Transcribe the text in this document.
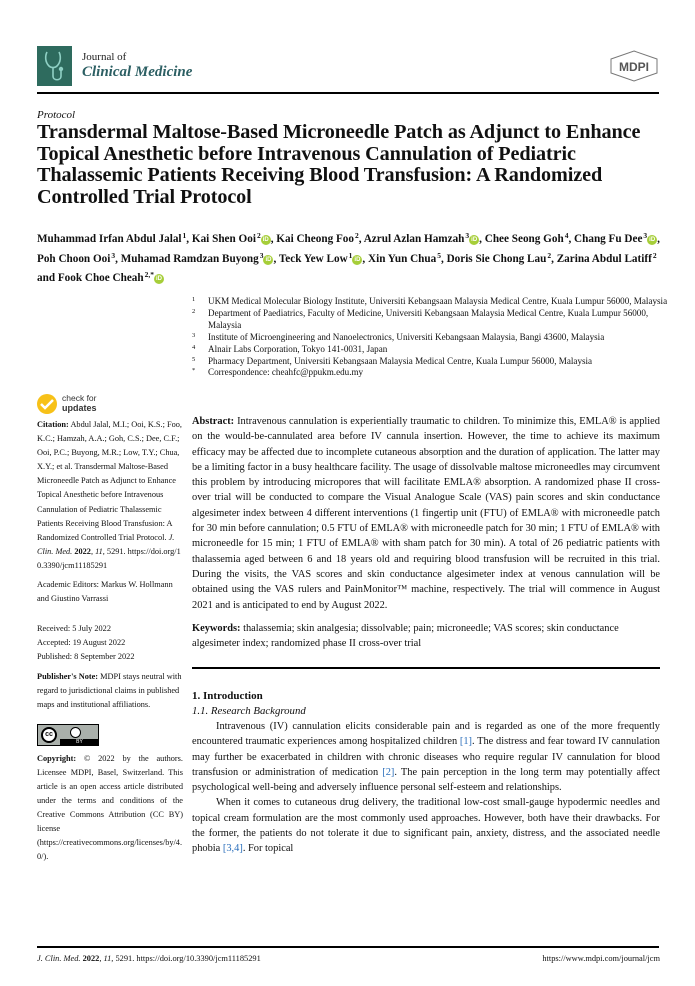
Journal of
Clinical Medicine	MDPI
Protocol
Transdermal Maltose-Based Microneedle Patch as Adjunct to Enhance Topical Anesthetic before Intravenous Cannulation of Pediatric Thalassemic Patients Receiving Blood Transfusion: A Randomized Controlled Trial Protocol
Muhammad Irfan Abdul Jalal$^1$, Kai Shen Ooi$^2$ iD , Kai Cheong Foo$^2$, Azrul Azlan Hamzah$^3$ iD , Chee Seong Goh$^4$, Chang Fu Dee$^3$ iD , Poh Choon Ooi$^3$, Muhamad Ramdzan Buyong$^3$ iD , Teck Yew Low$^1$ iD , Xin Yun Chua$^5$, Doris Sie Chong Lau$^2$, Zarina Abdul Latiff$^2$ and Fook Choe Cheah$^{2,*}$ iD
1 UKM Medical Molecular Biology Institute, Universiti Kebangsaan Malaysia Medical Centre, Kuala Lumpur 56000, Malaysia
2 Department of Paediatrics, Faculty of Medicine, Universiti Kebangsaan Malaysia Medical Centre, Kuala Lumpur 56000, Malaysia
3 Institute of Microengineering and Nanoelectronics, Universiti Kebangsaan Malaysia, Bangi 43600, Malaysia
4 Alnair Labs Corporation, Tokyo 141-0031, Japan
5 Pharmacy Department, Universiti Kebangsaan Malaysia Medical Centre, Kuala Lumpur 56000, Malaysia
* Correspondence: cheahfc@ppukm.edu.my
check for
updates
Citation: Abdul Jalal, M.I.; Ooi, K.S.; Foo, K.C.; Hamzah, A.A.; Goh, C.S.; Dee, C.F.; Ooi, P.C.; Buyong, M.R.; Low, T.Y.; Chua, X.Y.; et al. Transdermal Maltose-Based Microneedle Patch as Adjunct to Enhance Topical Anesthetic before Intravenous Cannulation of Pediatric Thalassemic Patients Receiving Blood Transfusion: A Randomized Controlled Trial Protocol. J. Clin. Med. 2022, 11, 5291. https://doi.org/10.3390/jcm11185291
Academic Editors: Markus W. Hollmann and Giustino Varrassi
Received: 5 July 2022
Accepted: 19 August 2022
Published: 8 September 2022
Publisher's Note: MDPI stays neutral with regard to jurisdictional claims in published maps and institutional affiliations.
cc
BY
Copyright: © 2022 by the authors. Licensee MDPI, Basel, Switzerland. This article is an open access article distributed under the terms and conditions of the Creative Commons Attribution (CC BY) license (https://creativecommons.org/licenses/by/4.0/).
Abstract: Intravenous cannulation is experientially traumatic to children. To minimize this, EMLA® is applied on the would-be-cannulated area before IV cannula insertion. However, the time to achieve its maximum efficacy may be affected due to incomplete cutaneous absorption and the duration of application. The latter may be a limiting factor in a busy healthcare facility. The usage of dissolvable maltose microneedles may circumvent this problem by introducing micropores that will facilitate EMLA® absorption. A randomized phase II cross-over trial will be conducted to compare the Visual Analogue Scale (VAS) pain scores and skin conductance algesimeter index between 4 different interventions (1 fingertip unit (FTU) of EMLA® with microneedle patch for 30 min before cannulation; 0.5 FTU of EMLA® with microneedle patch for 30 min; 1 FTU of EMLA® with microneedle for 15 min; 1 FTU of EMLA® with sham patch for 30 min). A total of 26 pediatric patients with thalassemia aged between 6 and 18 years old and requiring blood transfusion will be recruited in this trial. During the visits, the VAS scores and skin conductance algesimeter index at venous cannulation will be obtained using the VAS rulers and PainMonitor™ machine, respectively. The trial will commence in August 2021 and is anticipated to end by August 2022.
Keywords: thalassemia; skin analgesia; dissolvable; pain; microneedle; VAS scores; skin conductance algesimeter index; randomized phase II cross-over trial
1. Introduction
1.1. Research Background
Intravenous (IV) cannulation elicits considerable pain and is regarded as one of the more frequently encountered traumatic experiences among hospitalized children [1]. The distress and fear toward IV cannulation may further be exacerbated in children with chronic diseases who require regular IV cannulation for blood transfusion or administration of medication [2]. The pain perception in the long term may potentially affect psychological well-being and adversely influence personal self-esteem and relationships.
When it comes to cutaneous drug delivery, the traditional low-cost small-gauge hypodermic needles and topical cream formulation are the most commonly used approaches. However, both have their drawbacks. For the former, the patients do not tolerate it due to significant pain, anxiety, distress, and the associated needle phobia [3,4]. For topical
J. Clin. Med. 2022, 11, 5291. https://doi.org/10.3390/jcm11185291	https://www.mdpi.com/journal/jcm
